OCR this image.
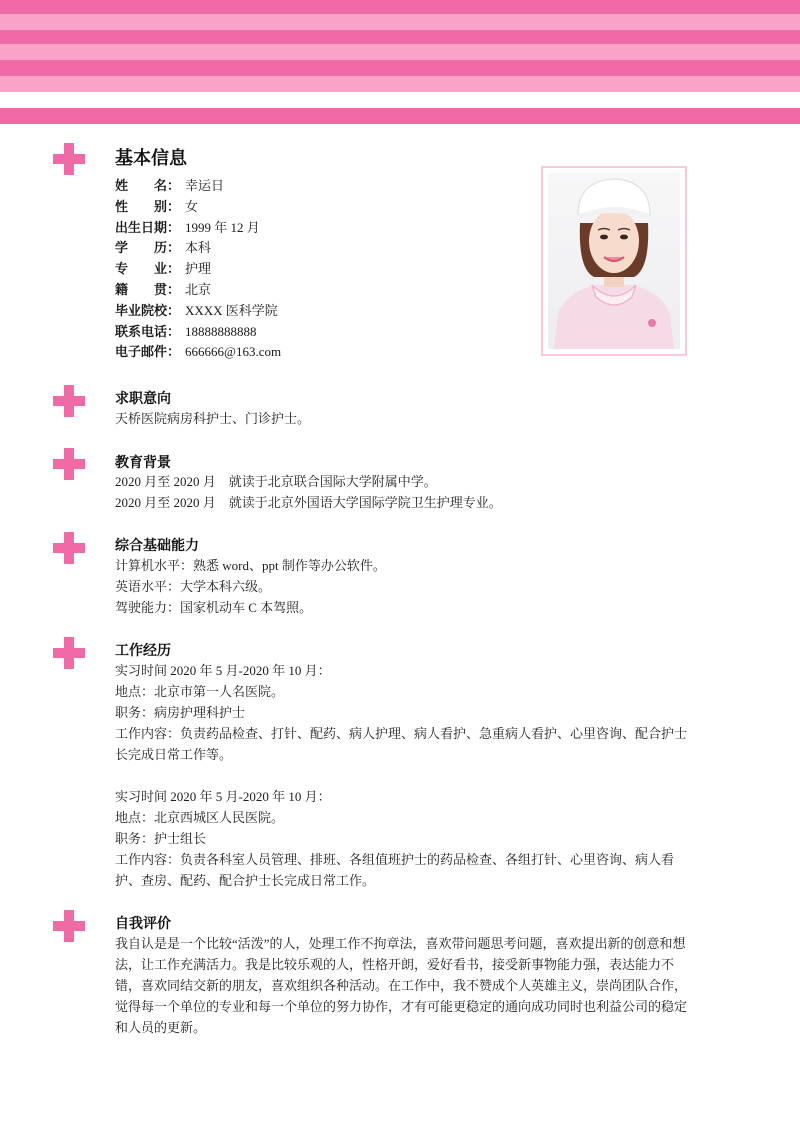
基本信息
姓　　名： 幸运日
性　　别： 女
出生日期： 1999 年 12 月
学　　历： 本科
专　　业： 护理
籍　　贯： 北京
毕业院校： XXXX 医科学院
联系电话： 18888888888
电子邮件： 666666@163.com
求职意向
天桥医院病房科护士、门诊护士。
教育背景
2020 月至 2020 月　就读于北京联合国际大学附属中学。
2020 月至 2020 月　就读于北京外国语大学国际学院卫生护理专业。
综合基础能力
计算机水平：熟悉 word、ppt 制作等办公软件。
英语水平：大学本科六级。
驾驶能力：国家机动车 C 本驾照。
工作经历
实习时间 2020 年 5 月-2020 年 10 月：
地点：北京市第一人名医院。
职务：病房护理科护士
工作内容：负责药品检查、打针、配药、病人护理、病人看护、急重病人看护、心里咨询、配合护士长完成日常工作等。
实习时间 2020 年 5 月-2020 年 10 月：
地点：北京西城区人民医院。
职务：护士组长
工作内容：负责各科室人员管理、排班、各组值班护士的药品检查、各组打针、心里咨询、病人看护、查房、配药、配合护士长完成日常工作。
自我评价
我自认是是一个比较“活泼”的人，处理工作不拘章法，喜欢带问题思考问题，喜欢提出新的创意和想法，让工作充满活力。我是比较乐观的人，性格开朗，爱好看书，接受新事物能力强，表达能力不错，喜欢同结交新的朋友，喜欢组织各种活动。在工作中，我不赞成个人英雄主义，崇尚团队合作，觉得每一个单位的专业和每一个单位的努力协作，才有可能更稳定的通向成功同时也利益公司的稳定和人员的更新。
